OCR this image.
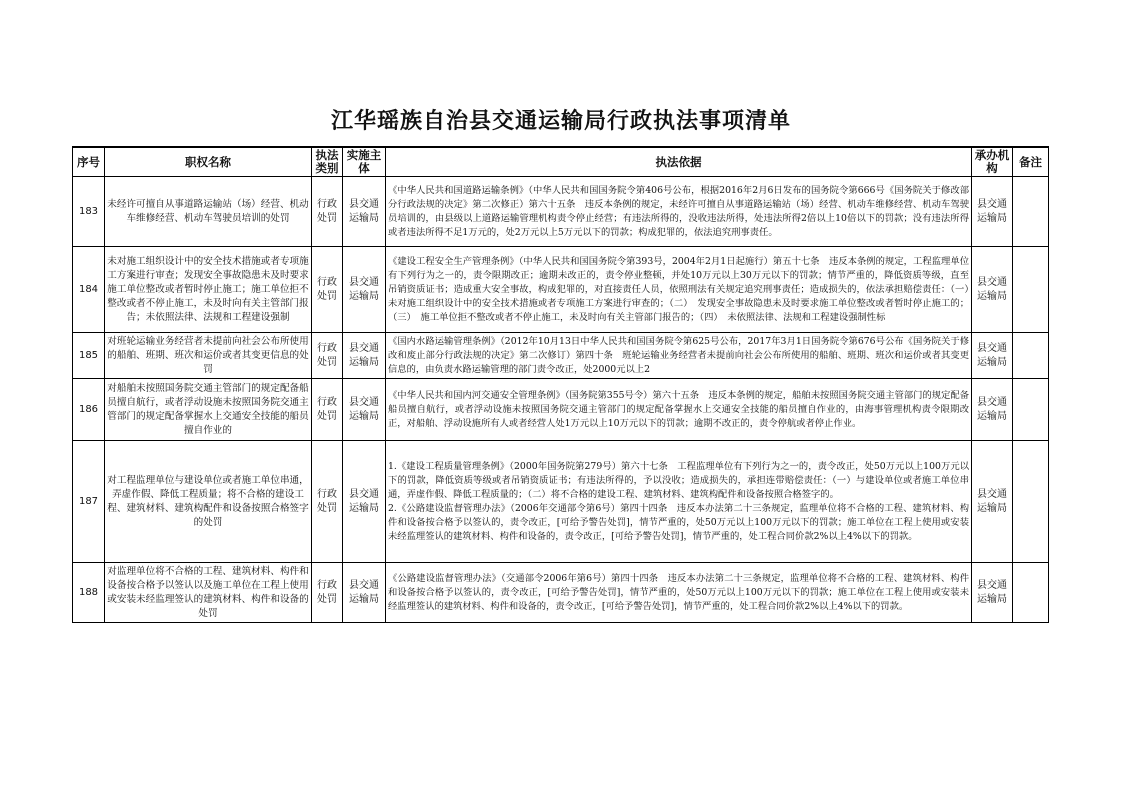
江华瑶族自治县交通运输局行政执法事项清单
序号	职权名称	执法类别	实施主体	执法依据	承办机构	备注
183	未经许可擅自从事道路运输站（场）经营、机动车维修经营、机动车驾驶员培训的处罚	行政处罚	县交通运输局	《中华人民共和国道路运输条例》（中华人民共和国国务院令第406号公布，根据2016年2月6日发布的国务院令第666号《国务院关于修改部分行政法规的决定》第二次修正）第六十五条　违反本条例的规定，未经许可擅自从事道路运输站（场）经营、机动车维修经营、机动车驾驶员培训的，由县级以上道路运输管理机构责令停止经营；有违法所得的，没收违法所得，处违法所得2倍以上10倍以下的罚款；没有违法所得或者违法所得不足1万元的，处2万元以上5万元以下的罚款；构成犯罪的，依法追究刑事责任。	县交通运输局	
184	未对施工组织设计中的安全技术措施或者专项施工方案进行审查；发现安全事故隐患未及时要求施工单位整改或者暂时停止施工；施工单位拒不整改或者不停止施工，未及时向有关主管部门报告；未依照法律、法规和工程建设强制	行政处罚	县交通运输局	《建设工程安全生产管理条例》（中华人民共和国国务院令第393号，2004年2月1日起施行）第五十七条　违反本条例的规定，工程监理单位有下列行为之一的，责令限期改正；逾期未改正的，责令停业整顿，并处10万元以上30万元以下的罚款；情节严重的，降低资质等级，直至吊销资质证书；造成重大安全事故，构成犯罪的，对直接责任人员，依照刑法有关规定追究刑事责任；造成损失的，依法承担赔偿责任：（一）　未对施工组织设计中的安全技术措施或者专项施工方案进行审查的；（二）　发现安全事故隐患未及时要求施工单位整改或者暂时停止施工的；（三）　施工单位拒不整改或者不停止施工，未及时向有关主管部门报告的；（四）　未依照法律、法规和工程建设强制性标	县交通运输局	
185	对班轮运输业务经营者未提前向社会公布所使用的船舶、班期、班次和运价或者其变更信息的处罚	行政处罚	县交通运输局	《国内水路运输管理条例》（2012年10月13日中华人民共和国国务院令第625号公布，2017年3月1日国务院令第676号公布《国务院关于修改和废止部分行政法规的决定》第二次修订）第四十条　班轮运输业务经营者未提前向社会公布所使用的船舶、班期、班次和运价或者其变更信息的，由负责水路运输管理的部门责令改正，处2000元以上2	县交通运输局	
186	对船舶未按照国务院交通主管部门的规定配备船员擅自航行，或者浮动设施未按照国务院交通主管部门的规定配备掌握水上交通安全技能的船员擅自作业的	行政处罚	县交通运输局	《中华人民共和国内河交通安全管理条例》（国务院第355号令）第六十五条　违反本条例的规定，船舶未按照国务院交通主管部门的规定配备船员擅自航行，或者浮动设施未按照国务院交通主管部门的规定配备掌握水上交通安全技能的船员擅自作业的，由海事管理机构责令限期改正，对船舶、浮动设施所有人或者经营人处1万元以上10万元以下的罚款；逾期不改正的，责令停航或者停止作业。	县交通运输局	
187	对工程监理单位与建设单位或者施工单位串通，弄虚作假、降低工程质量；将不合格的建设工程、建筑材料、建筑构配件和设备按照合格签字的处罚	行政处罚	县交通运输局	1.《建设工程质量管理条例》（2000年国务院第279号）第六十七条　工程监理单位有下列行为之一的，责令改正，处50万元以上100万元以下的罚款，降低资质等级或者吊销资质证书；有违法所得的，予以没收；造成损失的，承担连带赔偿责任：（一）与建设单位或者施工单位串通，弄虚作假、降低工程质量的；（二）将不合格的建设工程、建筑材料、建筑构配件和设备按照合格签字的。
2.《公路建设监督管理办法》（2006年交通部令第6号）第四十四条　违反本办法第二十三条规定，监理单位将不合格的工程、建筑材料、构件和设备按合格予以签认的，责令改正，[可给予警告处罚]，情节严重的，处50万元以上100万元以下的罚款；施工单位在工程上使用或安装未经监理签认的建筑材料、构件和设备的，责令改正，[可给予警告处罚]，情节严重的，处工程合同价款2%以上4%以下的罚款。	县交通运输局	
188	对监理单位将不合格的工程、建筑材料、构件和设备按合格予以签认以及施工单位在工程上使用或安装未经监理签认的建筑材料、构件和设备的处罚	行政处罚	县交通运输局	《公路建设监督管理办法》（交通部令2006年第6号）第四十四条　违反本办法第二十三条规定，监理单位将不合格的工程、建筑材料、构件和设备按合格予以签认的，责令改正，[可给予警告处罚]，情节严重的，处50万元以上100万元以下的罚款；施工单位在工程上使用或安装未经监理签认的建筑材料、构件和设备的，责令改正，[可给予警告处罚]，情节严重的，处工程合同价款2%以上4%以下的罚款。	县交通运输局	
